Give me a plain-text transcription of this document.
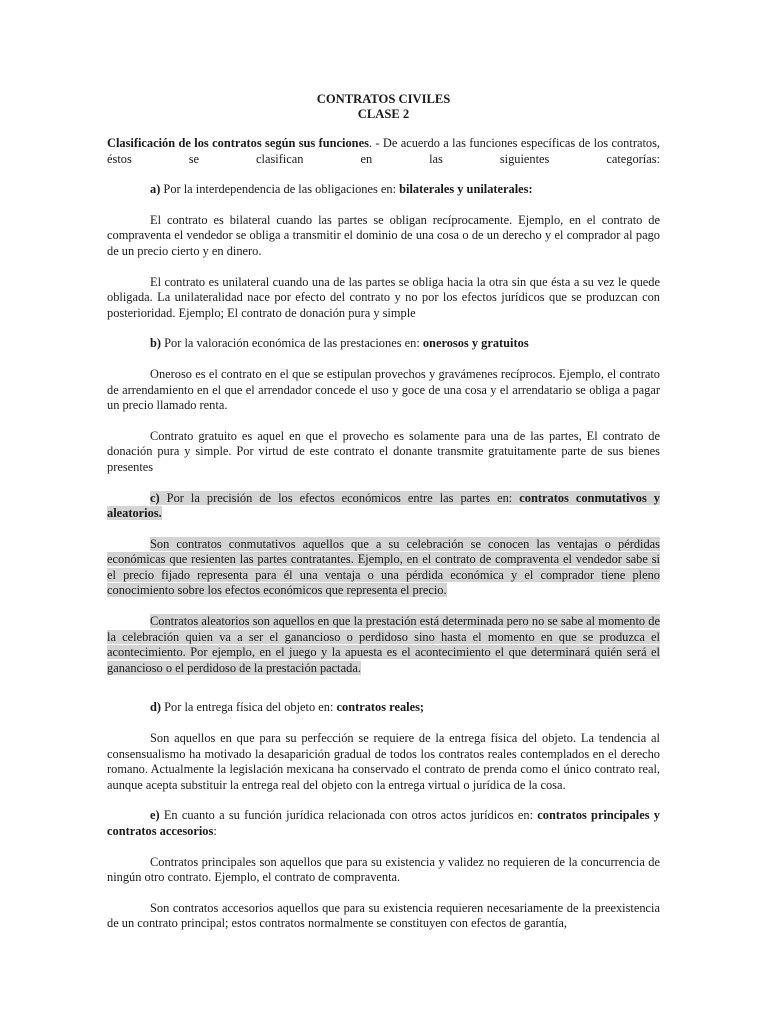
CONTRATOS CIVILES

CLASE 2

Clasificación de los contratos según sus funciones. - De acuerdo a las funciones específicas de los contratos, éstos se clasifican en las siguientes categorías:

a) Por la interdependencia de las obligaciones en: bilaterales y unilaterales:

El contrato es bilateral cuando las partes se obligan recíprocamente. Ejemplo, en el contrato de compraventa el vendedor se obliga a transmitir el dominio de una cosa o de un derecho y el comprador al pago de un precio cierto y en dinero.

El contrato es unilateral cuando una de las partes se obliga hacia la otra sin que ésta a su vez le quede obligada. La unilateralidad nace por efecto del contrato y no por los efectos jurídicos que se produzcan con posterioridad. Ejemplo; El contrato de donación pura y simple

b) Por la valoración económica de las prestaciones en: onerosos y gratuitos

Oneroso es el contrato en el que se estipulan provechos y gravámenes recíprocos. Ejemplo, el contrato de arrendamiento en el que el arrendador concede el uso y goce de una cosa y el arrendatario se obliga a pagar un precio llamado renta.

Contrato gratuito es aquel en que el provecho es solamente para una de las partes, El contrato de donación pura y simple. Por virtud de este contrato el donante transmite gratuitamente parte de sus bienes presentes

c) Por la precisión de los efectos económicos entre las partes en: contratos conmutativos y aleatorios.

Son contratos conmutativos aquellos que a su celebración se conocen las ventajas o pérdidas económicas que resienten las partes contratantes. Ejemplo, en el contrato de compraventa el vendedor sabe si el precio fijado representa para él una ventaja o una pérdida económica y el comprador tiene pleno conocimiento sobre los efectos económicos que representa el precio.

Contratos aleatorios son aquellos en que la prestación está determinada pero no se sabe al momento de la celebración quien va a ser el ganancioso o perdidoso sino hasta el momento en que se produzca el acontecimiento. Por ejemplo, en el juego y la apuesta es el acontecimiento el que determinará quién será el ganancioso o el perdidoso de la prestación pactada.

d) Por la entrega física del objeto en: contratos reales;

Son aquellos en que para su perfección se requiere de la entrega física del objeto. La tendencia al consensualismo ha motivado la desaparición gradual de todos los contratos reales contemplados en el derecho romano. Actualmente la legislación mexicana ha conservado el contrato de prenda como el único contrato real, aunque acepta substituir la entrega real del objeto con la entrega virtual o jurídica de la cosa.

e) En cuanto a su función jurídica relacionada con otros actos jurídicos en: contratos principales y contratos accesorios:

Contratos principales son aquellos que para su existencia y validez no requieren de la concurrencia de ningún otro contrato. Ejemplo, el contrato de compraventa.

Son contratos accesorios aquellos que para su existencia requieren necesariamente de la preexistencia de un contrato principal; estos contratos normalmente se constituyen con efectos de garantía,
